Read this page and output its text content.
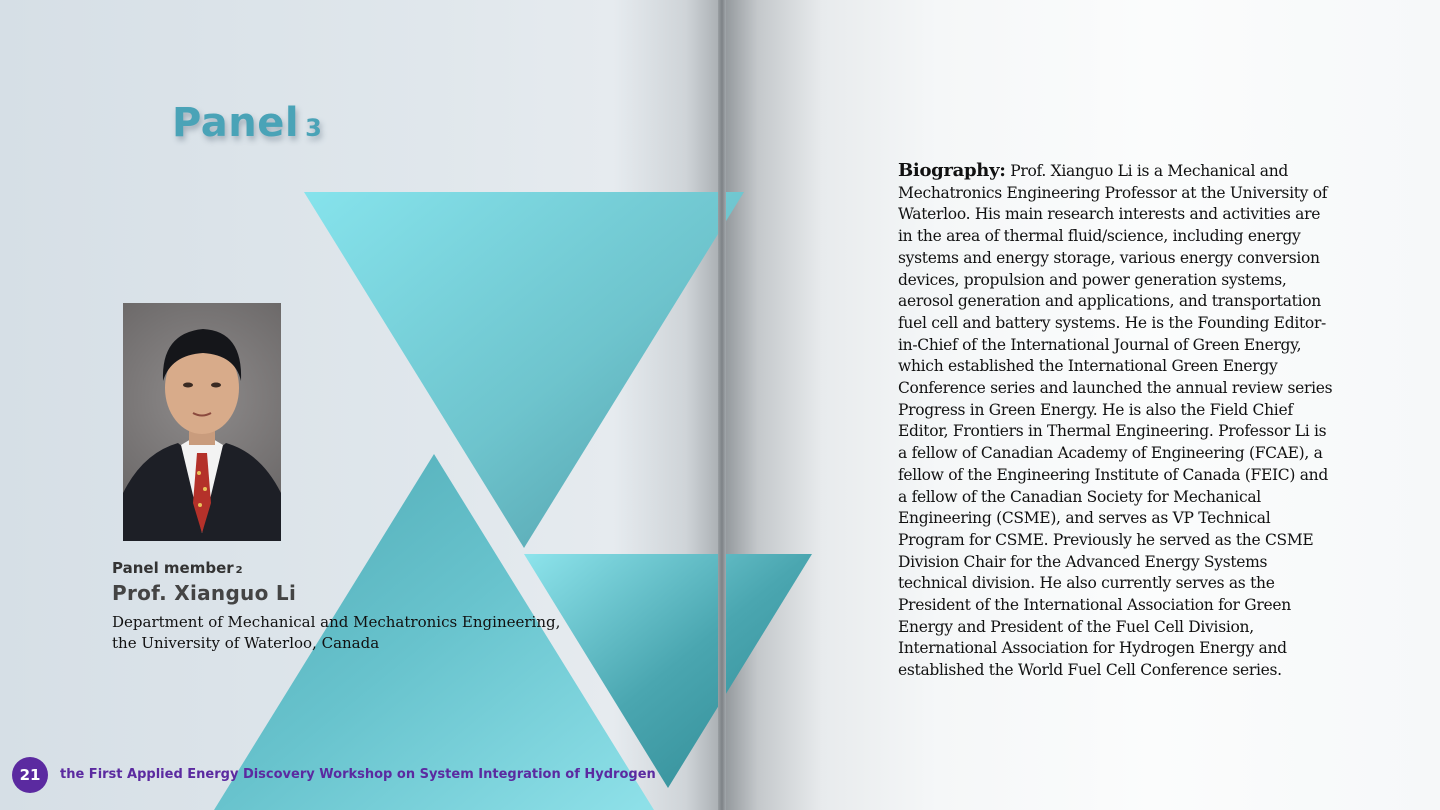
Panel 3
Panel member 2
Prof. Xianguo Li
Department of Mechanical and Mechatronics Engineering,
the University of Waterloo, Canada
Biography: Prof. Xianguo Li is a Mechanical and Mechatronics Engineering Professor at the University of Waterloo. His main research interests and activities are in the area of thermal fluid/science, including energy systems and energy storage, various energy conversion devices, propulsion and power generation systems, aerosol generation and applications, and transportation fuel cell and battery systems. He is the Founding Editor-in-Chief of the International Journal of Green Energy, which established the International Green Energy Conference series and launched the annual review series Progress in Green Energy. He is also the Field Chief Editor, Frontiers in Thermal Engineering. Professor Li is a fellow of Canadian Academy of Engineering (FCAE), a fellow of the Engineering Institute of Canada (FEIC) and a fellow of the Canadian Society for Mechanical Engineering (CSME), and serves as VP Technical Program for CSME. Previously he served as the CSME Division Chair for the Advanced Energy Systems technical division. He also currently serves as the President of the International Association for Green Energy and President of the Fuel Cell Division, International Association for Hydrogen Energy and established the World Fuel Cell Conference series.
21	the First Applied Energy Discovery Workshop on System Integration of Hydrogen
